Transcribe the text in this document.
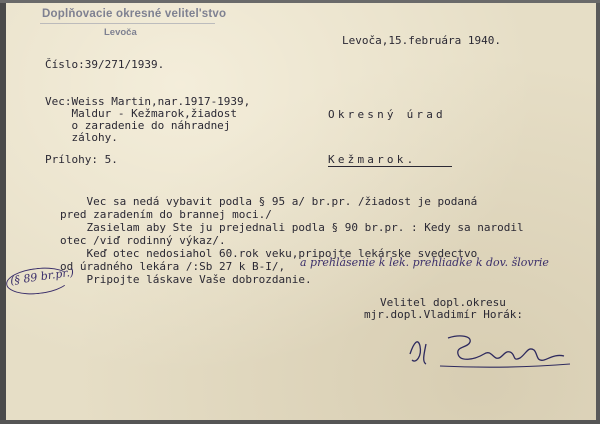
Doplňovacie okresné velitel'stvo
Levoča
Levoča,15.februára 1940.
Číslo:39/271/1939.
Vec:Weiss Martin,nar.1917-1939,
Maldur - Kežmarok,žiadost
o zaradenie do náhradnej
zálohy.
Okresný úrad
Kežmarok.
Prílohy: 5.
Vec sa nedá vybavit podla § 95 a/ br.pr. /žiadost je podaná
pred zaradením do brannej moci./
Zasielam aby Ste ju prejednali podla § 90 br.pr. : Kedy sa narodil
otec /viď rodinný výkaz/.
Keď otec nedosiahol 60.rok veku,pripojte lekárske svedectvo
od úradného lekára /:Sb 27 k B-I/,
Pripojte láskave Vaše dobrozdanie.
(§ 89 br.pr.)
a prehlásenie k lek. prehliadke k dov. šlovrie
Velitel dopl.okresu
mjr.dopl.Vladimír Horák:
